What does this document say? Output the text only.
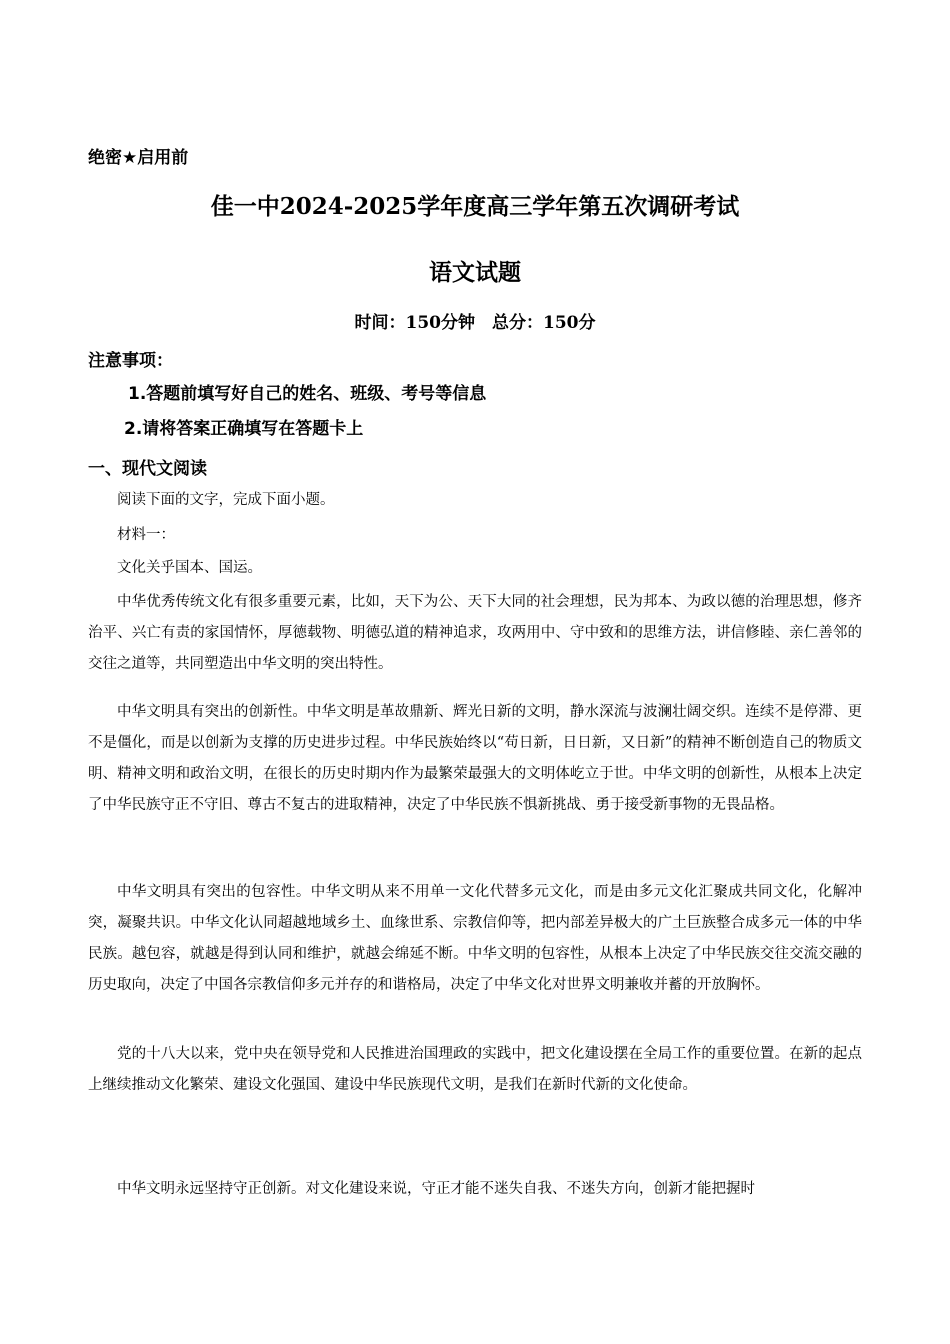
绝密★启用前
佳一中2024-2025学年度高三学年第五次调研考试
语文试题
时间：150分钟　总分：150分
注意事项：
1.答题前填写好自己的姓名、班级、考号等信息
2.请将答案正确填写在答题卡上
一、现代文阅读
阅读下面的文字，完成下面小题。
材料一：
文化关乎国本、国运。
中华优秀传统文化有很多重要元素，比如，天下为公、天下大同的社会理想，民为邦本、为政以德的治理思想，修齐治平、兴亡有责的家国情怀，厚德载物、明德弘道的精神追求，攻两用中、守中致和的思维方法，讲信修睦、亲仁善邻的交往之道等，共同塑造出中华文明的突出特性。
中华文明具有突出的创新性。中华文明是革故鼎新、辉光日新的文明，静水深流与波澜壮阔交织。连续不是停滞、更不是僵化，而是以创新为支撑的历史进步过程。中华民族始终以“苟日新，日日新，又日新”的精神不断创造自己的物质文明、精神文明和政治文明，在很长的历史时期内作为最繁荣最强大的文明体屹立于世。中华文明的创新性，从根本上决定了中华民族守正不守旧、尊古不复古的进取精神，决定了中华民族不惧新挑战、勇于接受新事物的无畏品格。
中华文明具有突出的包容性。中华文明从来不用单一文化代替多元文化，而是由多元文化汇聚成共同文化，化解冲突，凝聚共识。中华文化认同超越地域乡土、血缘世系、宗教信仰等，把内部差异极大的广土巨族整合成多元一体的中华民族。越包容，就越是得到认同和维护，就越会绵延不断。中华文明的包容性，从根本上决定了中华民族交往交流交融的历史取向，决定了中国各宗教信仰多元并存的和谐格局，决定了中华文化对世界文明兼收并蓄的开放胸怀。
党的十八大以来，党中央在领导党和人民推进治国理政的实践中，把文化建设摆在全局工作的重要位置。在新的起点上继续推动文化繁荣、建设文化强国、建设中华民族现代文明，是我们在新时代新的文化使命。
中华文明永远坚持守正创新。对文化建设来说，守正才能不迷失自我、不迷失方向，创新才能把握时
